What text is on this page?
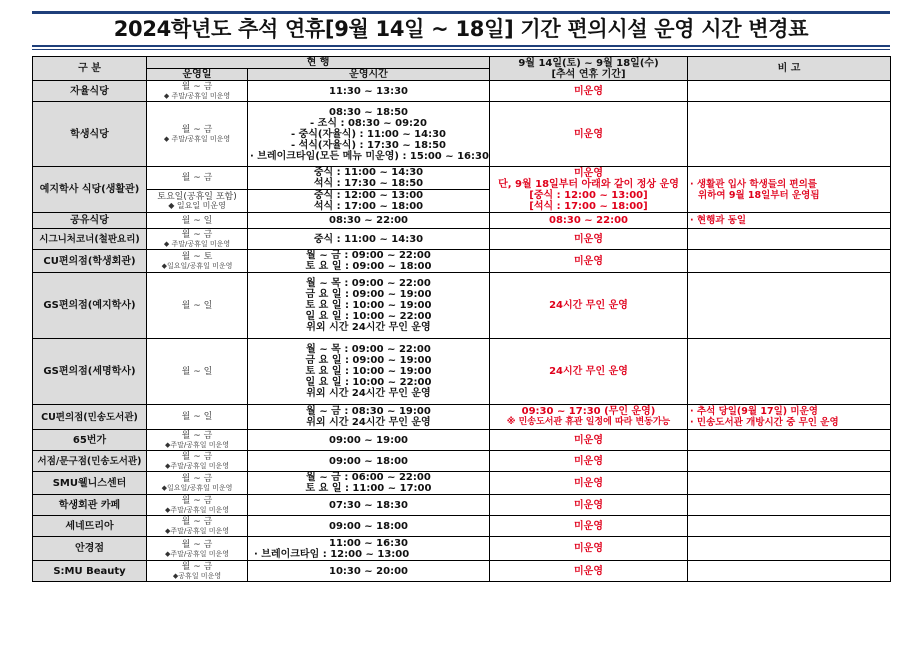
2024학년도 추석 연휴[9월 14일 ~ 18일] 기간 편의시설 운영 시간 변경표
구 분	현 행		9월 14일(토) ~ 9월 18일(수)
[추석 연휴 기간]	비 고
	운영일	운영시간		
자율식당	월 ~ 금
◆ 주말/공휴일 미운영	11:30 ~ 13:30	미운영	

학생식당	월 ~ 금
◆ 주말/공휴일 미운영	08:30 ~ 18:50
- 조식 : 08:30 ~ 09:20
- 중식(자율식) : 11:00 ~ 14:30
- 석식(자율식) : 17:30 ~ 18:50
· 브레이크타임(모든 메뉴 미운영) : 15:00 ~ 16:30	미운영	

예지학사 식당(생활관)	월 ~ 금	중식 : 11:00 ~ 14:30
석식 : 17:30 ~ 18:50	미운영
단, 9월 18일부터 아래와 같이 정상 운영
[중식 : 12:00 ~ 13:00]
[석식 : 17:00 ~ 18:00]	· 생활관 입사 학생들의 편의를
위하여 9월 18일부터 운영됨

	토요일(공휴일 포함)
◆ 일요일 미운영	중식 : 12:00 ~ 13:00
석식 : 17:00 ~ 18:00		

공유식당	월 ~ 일	08:30 ~ 22:00	08:30 ~ 22:00	· 현행과 동일

시그니처코너(철판요리)	월 ~ 금
◆ 주말/공휴일 미운영	중식 : 11:00 ~ 14:30	미운영	

CU편의점(학생회관)	월 ~ 토
◆일요일/공휴일 미운영	월 ~ 금 : 09:00 ~ 22:00
토 요 일 : 09:00 ~ 18:00	미운영	

GS편의점(예지학사)	월 ~ 일	월 ~ 목 : 09:00 ~ 22:00
금 요 일 : 09:00 ~ 19:00
토 요 일 : 10:00 ~ 19:00
일 요 일 : 10:00 ~ 22:00
위외 시간 24시간 무인 운영	24시간 무인 운영	

GS편의점(세명학사)	월 ~ 일	월 ~ 목 : 09:00 ~ 22:00
금 요 일 : 09:00 ~ 19:00
토 요 일 : 10:00 ~ 19:00
일 요 일 : 10:00 ~ 22:00
위외 시간 24시간 무인 운영	24시간 무인 운영	

CU편의점(민송도서관)	월 ~ 일	월 ~ 금 : 08:30 ~ 19:00
위외 시간 24시간 무인 운영	09:30 ~ 17:30 (무인 운영)
※ 민송도서관 휴관 일정에 따라 변동가능	· 추석 당일(9월 17일) 미운영
· 민송도서관 개방시간 중 무인 운영

65번가	월 ~ 금
◆주말/공휴일 미운영	09:00 ~ 19:00	미운영	

서점/문구점(민송도서관)	월 ~ 금
◆주말/공휴일 미운영	09:00 ~ 18:00	미운영	

SMU웰니스센터	월 ~ 금
◆일요일/공휴일 미운영	월 ~ 금 : 06:00 ~ 22:00
토 요 일 : 11:00 ~ 17:00	미운영	

학생회관 카페	월 ~ 금
◆주말/공휴일 미운영	07:30 ~ 18:30	미운영	

세네뜨리아	월 ~ 금
◆주말/공휴일 미운영	09:00 ~ 18:00	미운영	

안경점	월 ~ 금
◆주말/공휴일 미운영	11:00 ~ 16:30
· 브레이크타임 : 12:00 ~ 13:00	미운영	

S:MU Beauty	월 ~ 금
◆공휴일 미운영	10:30 ~ 20:00	미운영	
